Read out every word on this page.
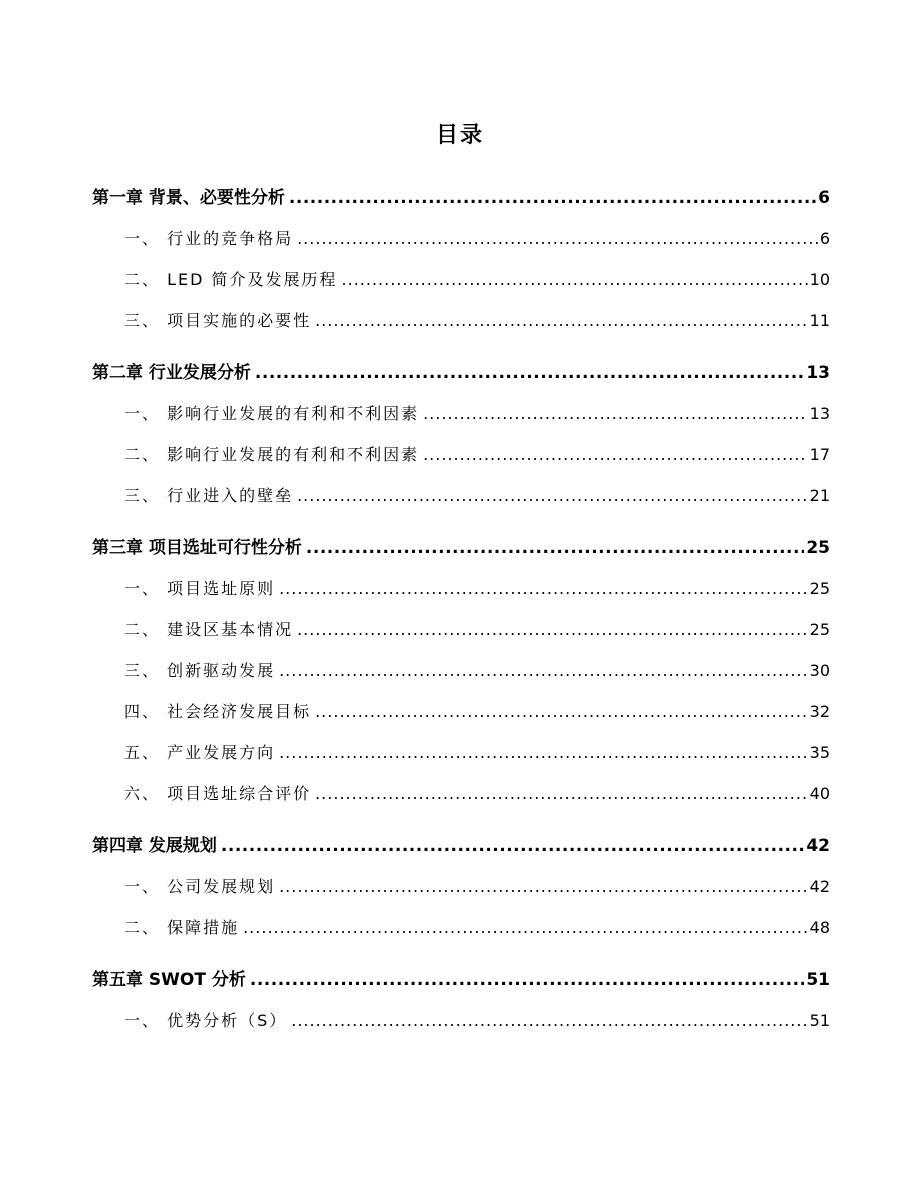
目录
第一章 背景、必要性分析 .....	6
一、 行业的竞争格局 .....	6
二、 LED 简介及发展历程 .....	10
三、 项目实施的必要性 .....	11
第二章 行业发展分析 .....	13
一、 影响行业发展的有利和不利因素 .....	13
二、 影响行业发展的有利和不利因素 .....	17
三、 行业进入的壁垒 .....	21
第三章 项目选址可行性分析 .....	25
一、 项目选址原则 .....	25
二、 建设区基本情况 .....	25
三、 创新驱动发展 .....	30
四、 社会经济发展目标 .....	32
五、 产业发展方向 .....	35
六、 项目选址综合评价 .....	40
第四章 发展规划 .....	42
一、 公司发展规划 .....	42
二、 保障措施 .....	48
第五章 SWOT 分析 .....	51
一、 优势分析（S） .....	51
